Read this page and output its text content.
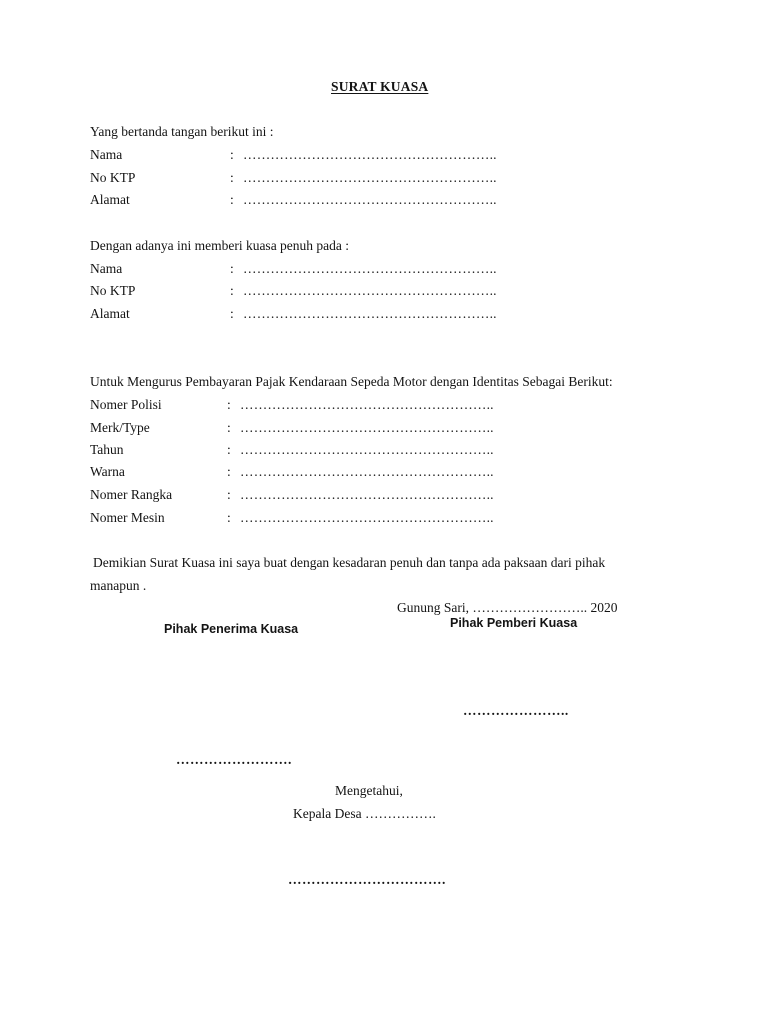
SURAT KUASA
Yang bertanda tangan berikut ini :
Nama	: ………………………………………………..
No KTP	: ………………………………………………..
Alamat	: ………………………………………………..
Dengan adanya ini memberi kuasa penuh pada :
Nama	: ………………………………………………..
No KTP	: ………………………………………………..
Alamat	: ………………………………………………..
Untuk Mengurus Pembayaran Pajak Kendaraan Sepeda Motor dengan Identitas Sebagai Berikut:
Nomer Polisi	: ………………………………………………..
Merk/Type	: ………………………………………………..
Tahun	: ………………………………………………..
Warna	: ………………………………………………..
Nomer Rangka	: ………………………………………………..
Nomer Mesin	: ………………………………………………..
Demikian Surat Kuasa ini saya buat dengan kesadaran penuh dan tanpa ada paksaan dari pihak
manapun .
Gunung Sari, …………………….. 2020
Pihak Penerima Kuasa	Pihak Pemberi Kuasa
…………………..
…………………….
Mengetahui,
Kepala Desa …………….
…………………………….
